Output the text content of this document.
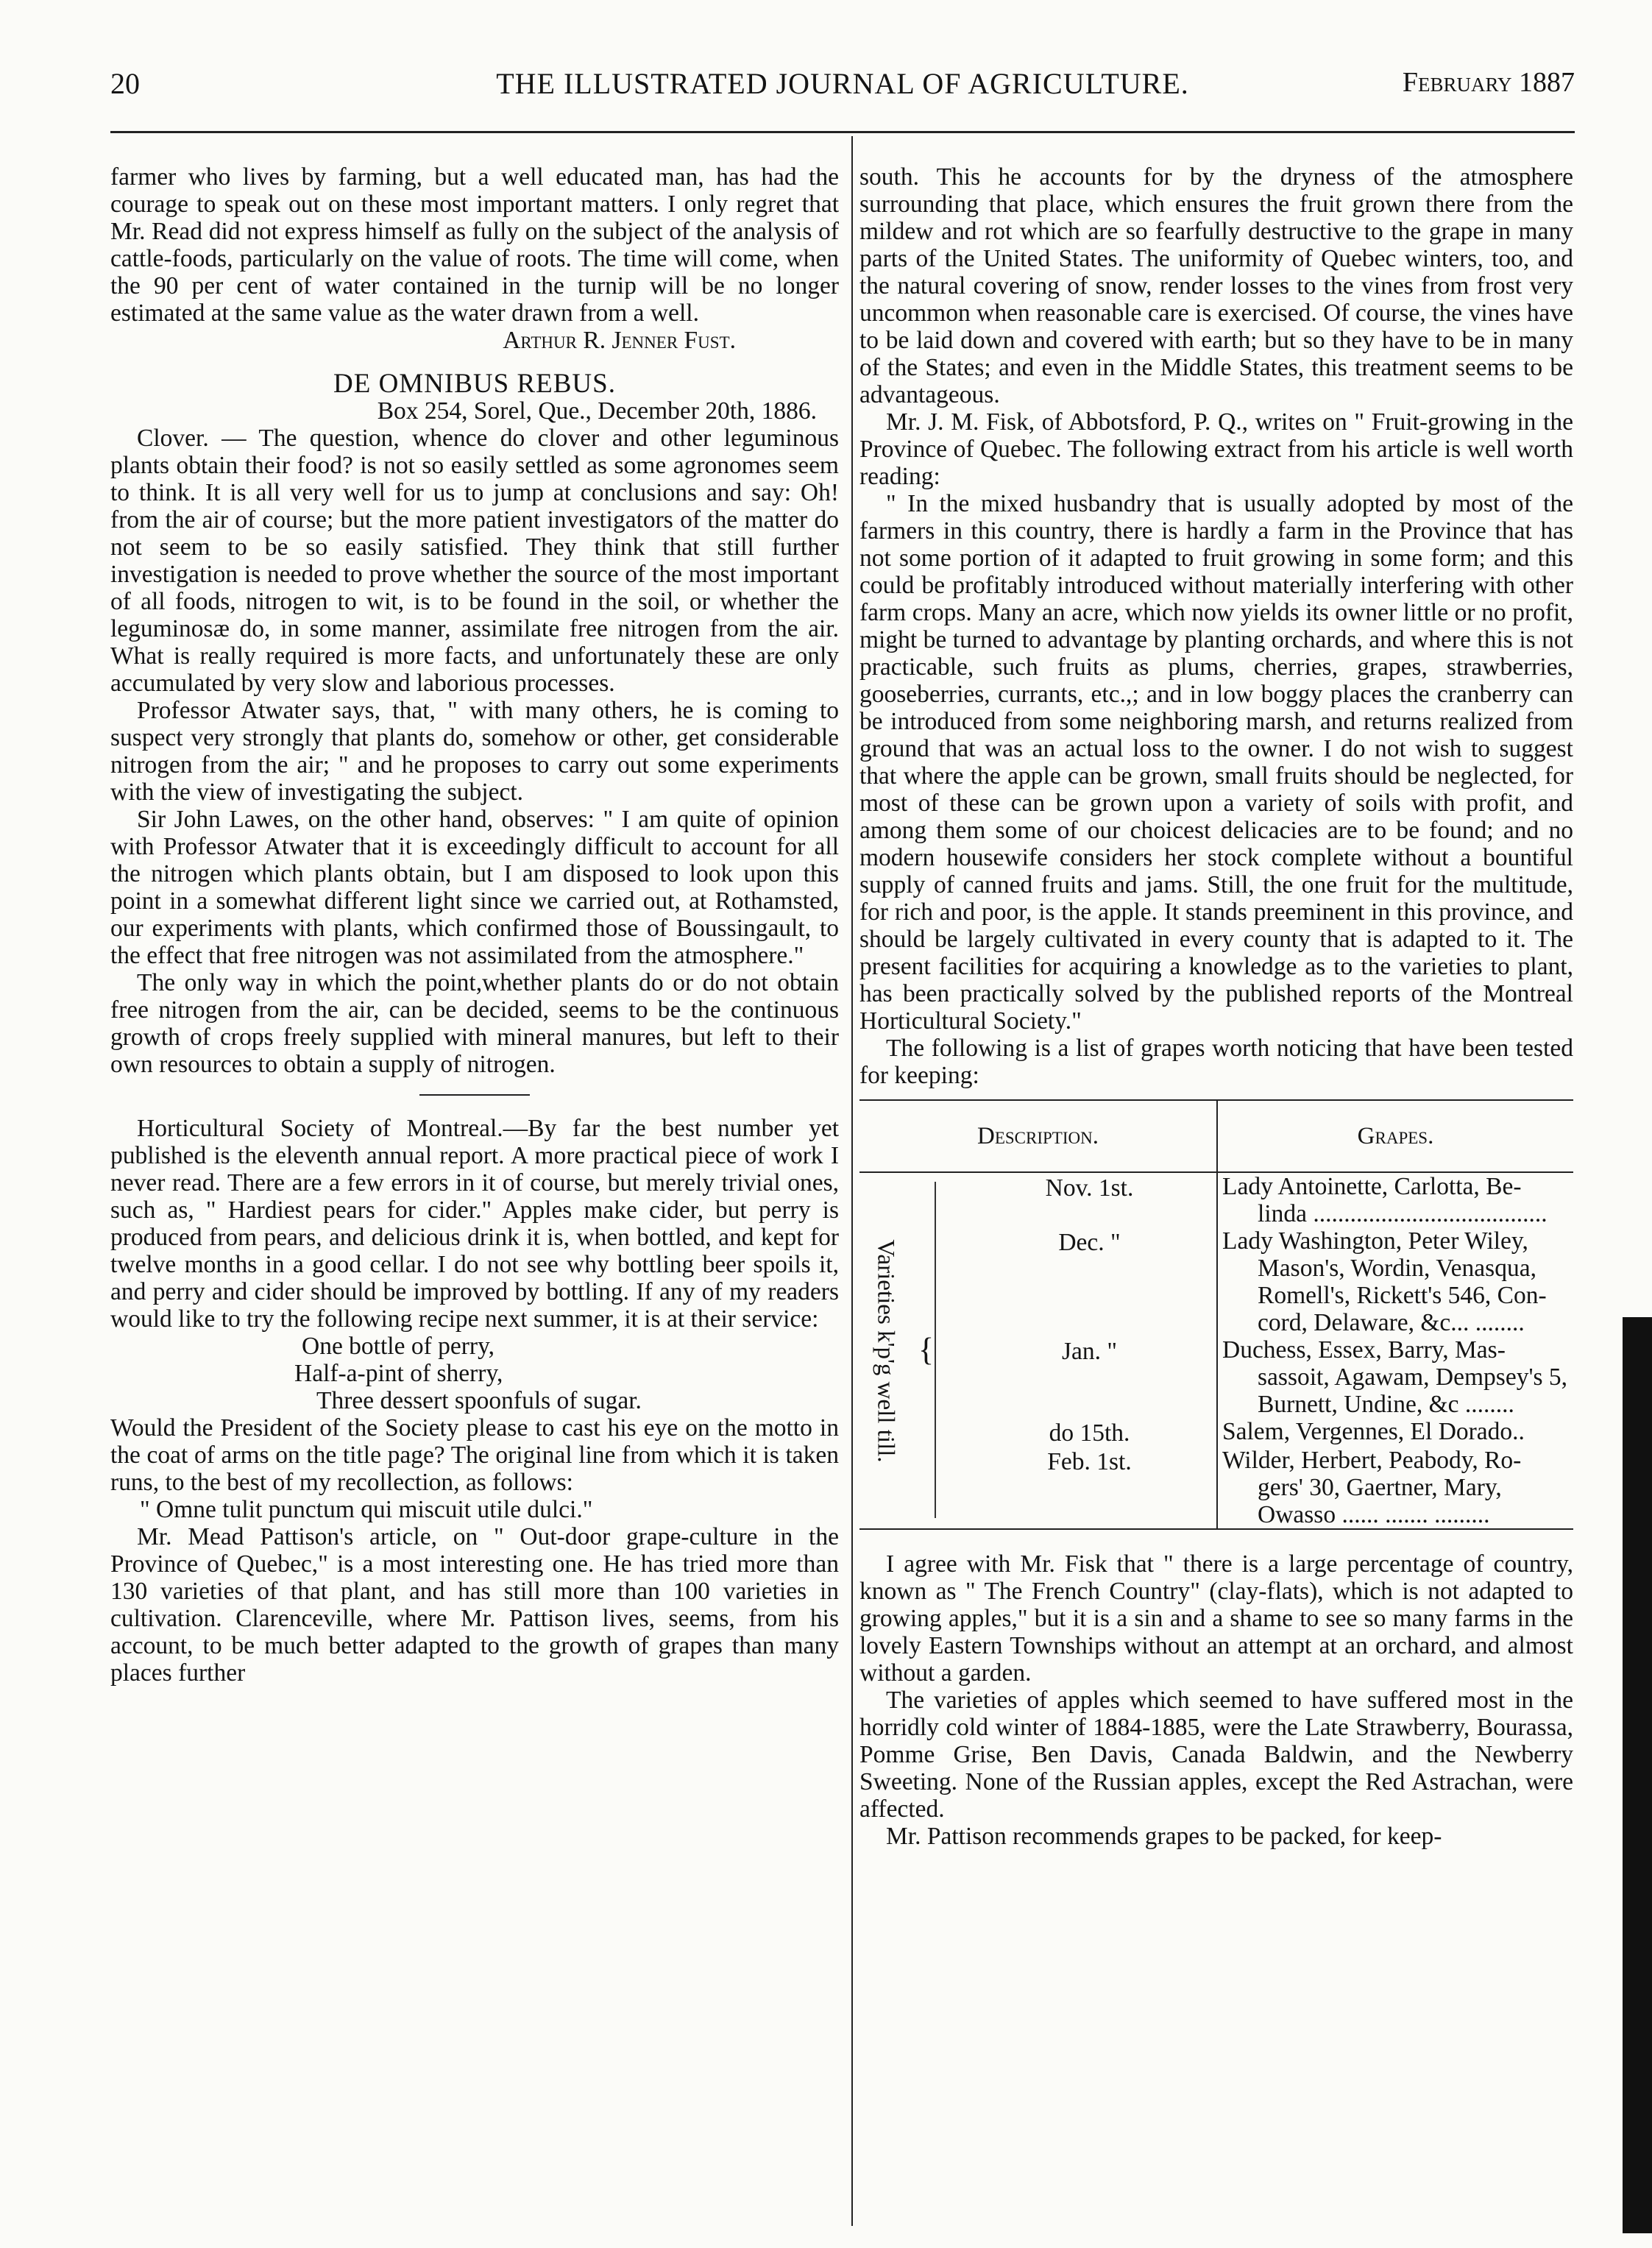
20	THE ILLUSTRATED JOURNAL OF AGRICULTURE.	February 1887

farmer who lives by farming, but a well educated man, has had the courage to speak out on these most important matters. I only regret that Mr. Read did not express himself as fully on the subject of the analysis of cattle-foods, particularly on the value of roots. The time will come, when the 90 per cent of water contained in the turnip will be no longer estimated at the same value as the water drawn from a well.

Arthur R. Jenner Fust.

DE OMNIBUS REBUS.

Box 254, Sorel, Que., December 20th, 1886.

Clover. — The question, whence do clover and other leguminous plants obtain their food? is not so easily settled as some agronomes seem to think. It is all very well for us to jump at conclusions and say: Oh! from the air of course; but the more patient investigators of the matter do not seem to be so easily satisfied. They think that still further investigation is needed to prove whether the source of the most important of all foods, nitrogen to wit, is to be found in the soil, or whether the leguminosæ do, in some manner, assimilate free nitrogen from the air. What is really required is more facts, and unfortunately these are only accumulated by very slow and laborious processes.

Professor Atwater says, that, " with many others, he is coming to suspect very strongly that plants do, somehow or other, get considerable nitrogen from the air; " and he proposes to carry out some experiments with the view of investigating the subject.

Sir John Lawes, on the other hand, observes: " I am quite of opinion with Professor Atwater that it is exceedingly difficult to account for all the nitrogen which plants obtain, but I am disposed to look upon this point in a somewhat different light since we carried out, at Rothamsted, our experiments with plants, which confirmed those of Boussingault, to the effect that free nitrogen was not assimilated from the atmosphere."

The only way in which the point,whether plants do or do not obtain free nitrogen from the air, can be decided, seems to be the continuous growth of crops freely supplied with mineral manures, but left to their own resources to obtain a supply of nitrogen.

Horticultural Society of Montreal.—By far the best number yet published is the eleventh annual report. A more practical piece of work I never read. There are a few errors in it of course, but merely trivial ones, such as, " Hardiest pears for cider." Apples make cider, but perry is produced from pears, and delicious drink it is, when bottled, and kept for twelve months in a good cellar. I do not see why bottling beer spoils it, and perry and cider should be improved by bottling. If any of my readers would like to try the following recipe next summer, it is at their service:

One bottle of perry,

Half-a-pint of sherry,

Three dessert spoonfuls of sugar.

Would the President of the Society please to cast his eye on the motto in the coat of arms on the title page? The original line from which it is taken runs, to the best of my recollection, as follows:

" Omne tulit punctum qui miscuit utile dulci."

Mr. Mead Pattison's article, on " Out-door grape-culture in the Province of Quebec," is a most interesting one. He has tried more than 130 varieties of that plant, and has still more than 100 varieties in cultivation. Clarenceville, where Mr. Pattison lives, seems, from his account, to be much better adapted to the growth of grapes than many places further

south. This he accounts for by the dryness of the atmosphere surrounding that place, which ensures the fruit grown there from the mildew and rot which are so fearfully destructive to the grape in many parts of the United States. The uniformity of Quebec winters, too, and the natural covering of snow, render losses to the vines from frost very uncommon when reasonable care is exercised. Of course, the vines have to be laid down and covered with earth; but so they have to be in many of the States; and even in the Middle States, this treatment seems to be advantageous.

Mr. J. M. Fisk, of Abbotsford, P. Q., writes on " Fruit-growing in the Province of Quebec. The following extract from his article is well worth reading:

" In the mixed husbandry that is usually adopted by most of the farmers in this country, there is hardly a farm in the Province that has not some portion of it adapted to fruit growing in some form; and this could be profitably introduced without materially interfering with other farm crops. Many an acre, which now yields its owner little or no profit, might be turned to advantage by planting orchards, and where this is not practicable, such fruits as plums, cherries, grapes, strawberries, gooseberries, currants, etc.,; and in low boggy places the cranberry can be introduced from some neighboring marsh, and returns realized from ground that was an actual loss to the owner. I do not wish to suggest that where the apple can be grown, small fruits should be neglected, for most of these can be grown upon a variety of soils with profit, and among them some of our choicest delicacies are to be found; and no modern housewife considers her stock complete without a bountiful supply of canned fruits and jams. Still, the one fruit for the multitude, for rich and poor, is the apple. It stands preeminent in this province, and should be largely cultivated in every county that is adapted to it. The present facilities for acquiring a knowledge as to the varieties to plant, has been practically solved by the published reports of the Montreal Horticultural Society."

The following is a list of grapes worth noticing that have been tested for keeping:

Description.	Grapes.
Varieties k'p'g well till. {
Nov. 1st.	Lady Antoinette, Carlotta, Be-
linda ......................................
Dec. "	Lady Washington, Peter Wiley,
Mason's, Wordin, Venasqua,
Romell's, Rickett's 546, Con-
cord, Delaware, &c... ........
Jan. "	Duchess, Essex, Barry, Mas-
sassoit, Agawam, Dempsey's 5,
Burnett, Undine, &c ........
do 15th.	Salem, Vergennes, El Dorado..
Feb. 1st.	Wilder, Herbert, Peabody, Ro-
gers' 30, Gaertner, Mary,
Owasso ...... ....... .........

I agree with Mr. Fisk that " there is a large percentage of country, known as " The French Country" (clay-flats), which is not adapted to growing apples," but it is a sin and a shame to see so many farms in the lovely Eastern Townships without an attempt at an orchard, and almost without a garden.

The varieties of apples which seemed to have suffered most in the horridly cold winter of 1884-1885, were the Late Strawberry, Bourassa, Pomme Grise, Ben Davis, Canada Baldwin, and the Newberry Sweeting. None of the Russian apples, except the Red Astrachan, were affected.

Mr. Pattison recommends grapes to be packed, for keep-
